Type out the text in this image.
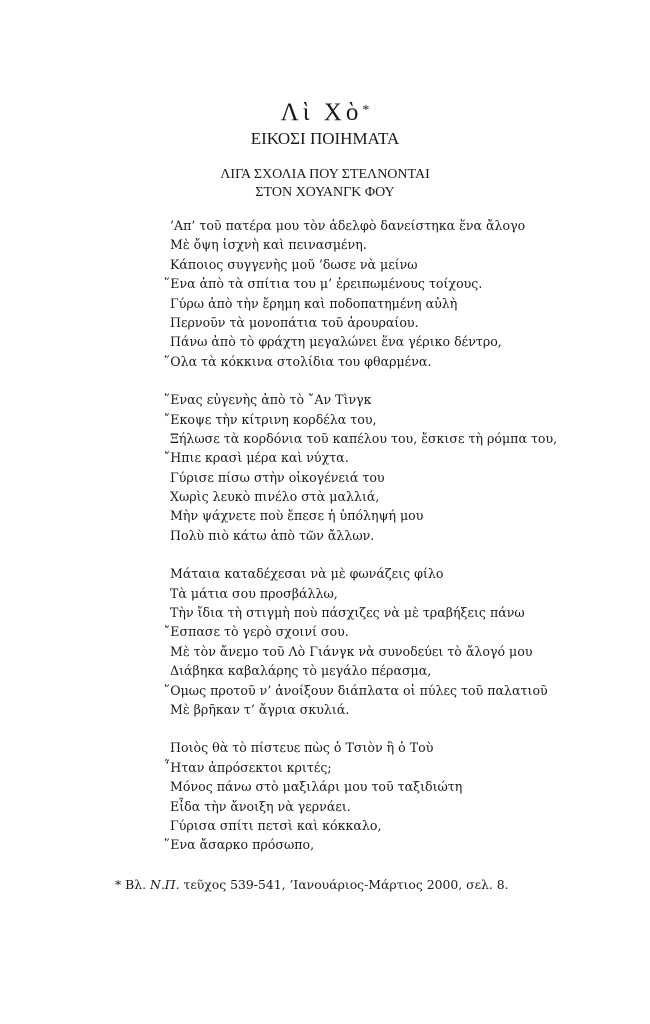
Λὶ Χὸ*
ΕΙΚΟΣΙ ΠΟΙΗΜΑΤΑ
ΛΙΓΑ ΣΧΟΛΙΑ ΠΟΥ ΣΤΕΛΝΟΝΤΑΙ
ΣΤΟΝ ΧΟΥΑΝΓΚ ΦΟΥ
’Απ’ τοῦ πατέρα μου τὸν ἀδελφὸ δανείστηκα ἕνα ἄλογο
Μὲ ὄψη ἰσχνὴ καὶ πεινασμένη.
Κάποιος συγγενὴς μοῦ ’δωσε νὰ μείνω
῞Ενα ἀπὸ τὰ σπίτια του μ’ ἐρειπωμένους τοίχους.
Γύρω ἀπὸ τὴν ἔρημη καὶ ποδοπατημένη αὐλὴ
Περνοῦν τὰ μονοπάτια τοῦ ἀρουραίου.
Πάνω ἀπὸ τὸ φράχτη μεγαλώνει ἕνα γέρικο δέντρο,
῞Ολα τὰ κόκκινα στολίδια του φθαρμένα.
῞Ενας εὐγενὴς ἀπὸ τὸ ῎Αν Τὶνγκ
῎Εκοψε τὴν κίτρινη κορδέλα του,
Ξήλωσε τὰ κορδόνια τοῦ καπέλου του, ἔσκισε τὴ ρόμπα του,
῎Ηπιε κρασὶ μέρα καὶ νύχτα.
Γύρισε πίσω στὴν οἰκογένειά του
Χωρὶς λευκὸ πινέλο στὰ μαλλιά,
Μὴν ψάχνετε ποὺ ἔπεσε ἡ ὑπόληψή μου
Πολὺ πιὸ κάτω ἀπὸ τῶν ἄλλων.
Μάταια καταδέχεσαι νὰ μὲ φωνάζεις φίλο
Τὰ μάτια σου προσβάλλω,
Τὴν ἴδια τὴ στιγμὴ ποὺ πάσχιζες νὰ μὲ τραβήξεις πάνω
῎Εσπασε τὸ γερὸ σχοινί σου.
Μὲ τὸν ἄνεμο τοῦ Λὸ Γιάνγκ νὰ συνοδεύει τὸ ἄλογό μου
Διάβηκα καβαλάρης τὸ μεγάλο πέρασμα,
῞Ομως προτοῦ ν’ ἀνοίξουν διάπλατα οἱ πύλες τοῦ παλατιοῦ
Μὲ βρῆκαν τ’ ἄγρια σκυλιά.
Ποιὸς θὰ τὸ πίστευε πὼς ὁ Τσιὸν ἢ ὁ Τοὺ
῏Ηταν ἀπρόσεκτοι κριτές;
Μόνος πάνω στὸ μαξιλάρι μου τοῦ ταξιδιώτη
Εἶδα τὴν ἄνοιξη νὰ γερνάει.
Γύρισα σπίτι πετσὶ καὶ κόκκαλο,
῞Ενα ἄσαρκο πρόσωπο,
* Βλ. Ν.Π. τεῦχος 539-541, ’Ιανουάριος-Μάρτιος 2000, σελ. 8.
